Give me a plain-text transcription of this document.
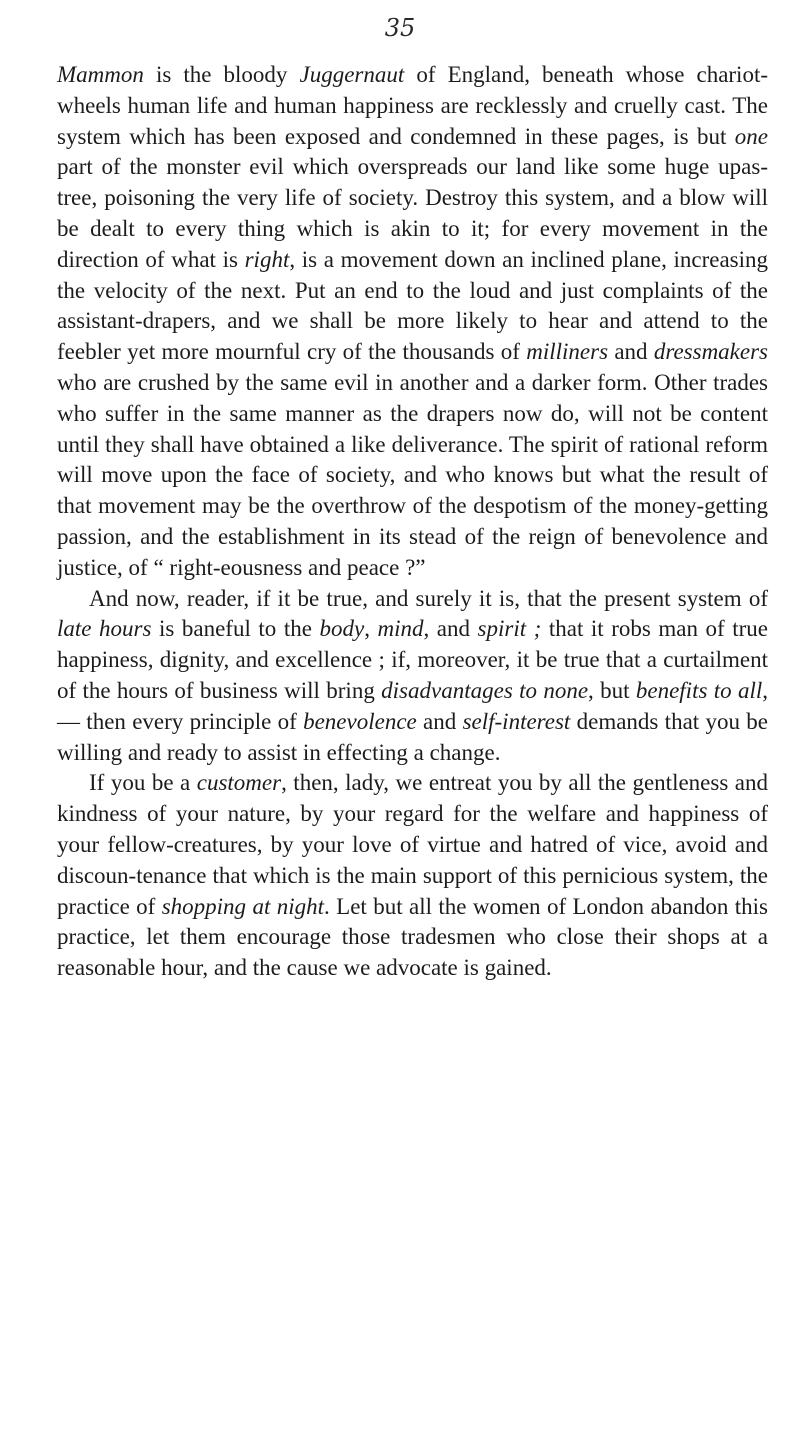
35

Mammon is the bloody Juggernaut of England, beneath whose chariot-wheels human life and human happiness are recklessly and cruelly cast. The system which has been exposed and condemned in these pages, is but one part of the monster evil which overspreads our land like some huge upas-tree, poisoning the very life of society. Destroy this system, and a blow will be dealt to every thing which is akin to it; for every movement in the direction of what is right, is a movement down an inclined plane, increasing the velocity of the next. Put an end to the loud and just complaints of the assistant-drapers, and we shall be more likely to hear and attend to the feebler yet more mournful cry of the thousands of milliners and dressmakers who are crushed by the same evil in another and a darker form. Other trades who suffer in the same manner as the drapers now do, will not be content until they shall have obtained a like deliverance. The spirit of rational reform will move upon the face of society, and who knows but what the result of that movement may be the overthrow of the despotism of the money-getting passion, and the establishment in its stead of the reign of benevolence and justice, of “ right-eousness and peace ?”

And now, reader, if it be true, and surely it is, that the present system of late hours is baneful to the body, mind, and spirit ; that it robs man of true happiness, dignity, and excellence ; if, moreover, it be true that a curtailment of the hours of business will bring disadvantages to none, but benefits to all,— then every principle of benevolence and self-interest demands that you be willing and ready to assist in effecting a change.

If you be a customer, then, lady, we entreat you by all the gentleness and kindness of your nature, by your regard for the welfare and happiness of your fellow-creatures, by your love of virtue and hatred of vice, avoid and discoun-tenance that which is the main support of this pernicious system, the practice of shopping at night. Let but all the women of London abandon this practice, let them encourage those tradesmen who close their shops at a reasonable hour, and the cause we advocate is gained.
